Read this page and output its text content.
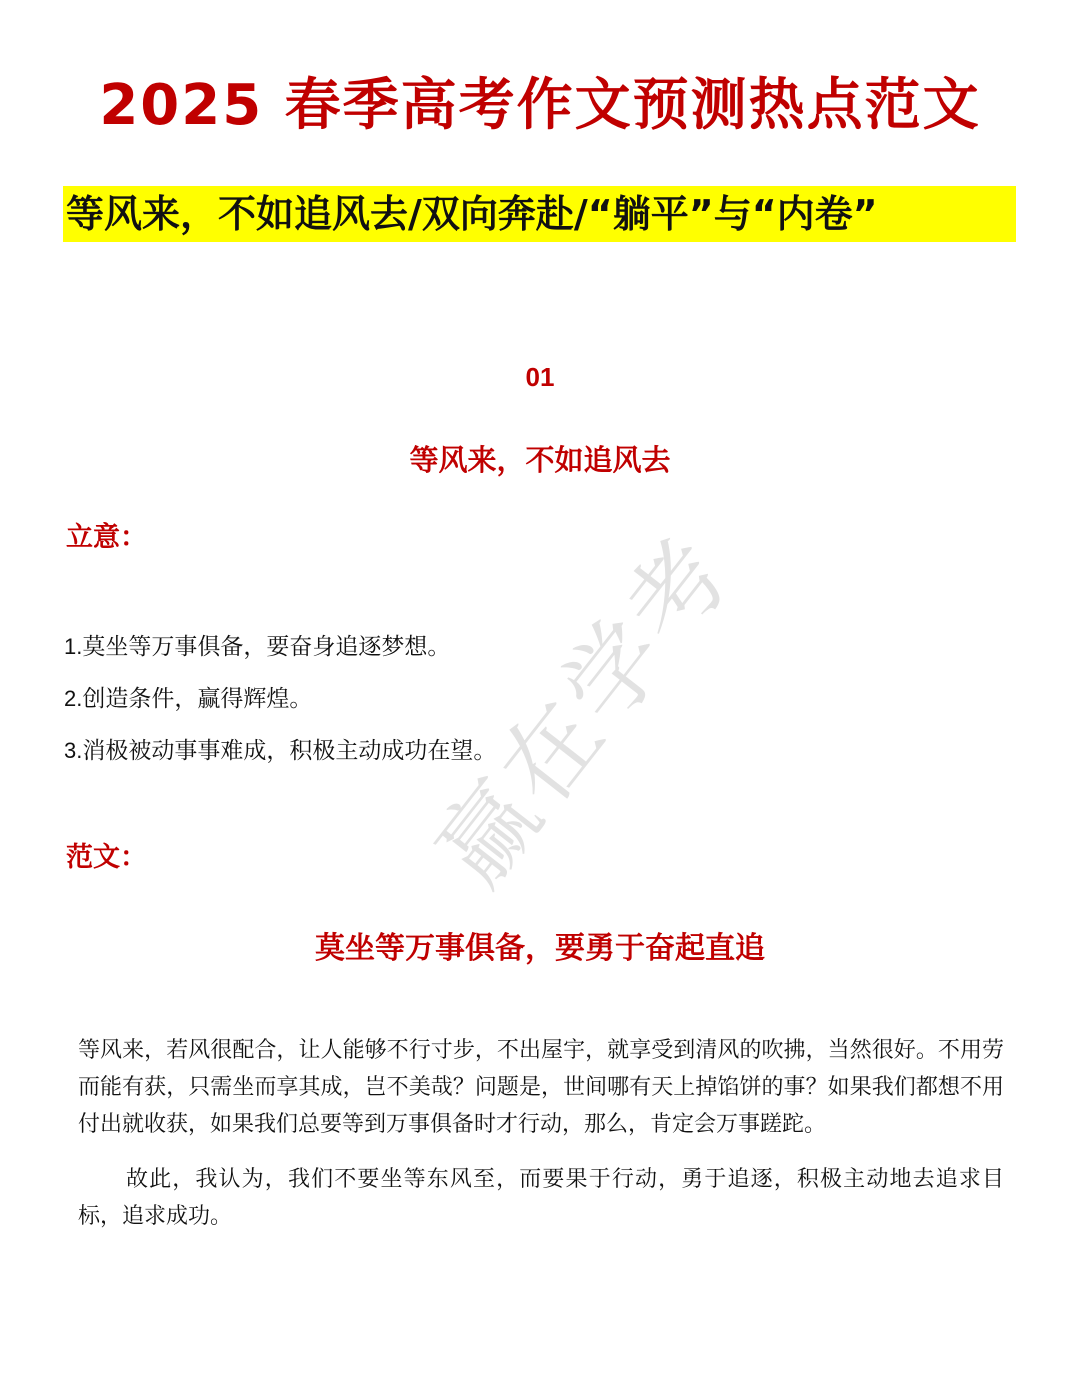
赢在学考
2025 春季高考作文预测热点范文
等风来，不如追风去/双向奔赴/“躺平”与“内卷”
01
等风来，不如追风去
立意：
1.莫坐等万事俱备，要奋身追逐梦想。
2.创造条件，赢得辉煌。
3.消极被动事事难成，积极主动成功在望。
范文：
莫坐等万事俱备，要勇于奋起直追

等风来，若风很配合，让人能够不行寸步，不出屋宇，就享受到清风的吹拂，当然很好。不用劳而能有获，只需坐而享其成，岂不美哉？问题是，世间哪有天上掉馅饼的事？如果我们都想不用付出就收获，如果我们总要等到万事俱备时才行动，那么，肯定会万事蹉跎。

故此，我认为，我们不要坐等东风至，而要果于行动，勇于追逐，积极主动地去追求目标，追求成功。
